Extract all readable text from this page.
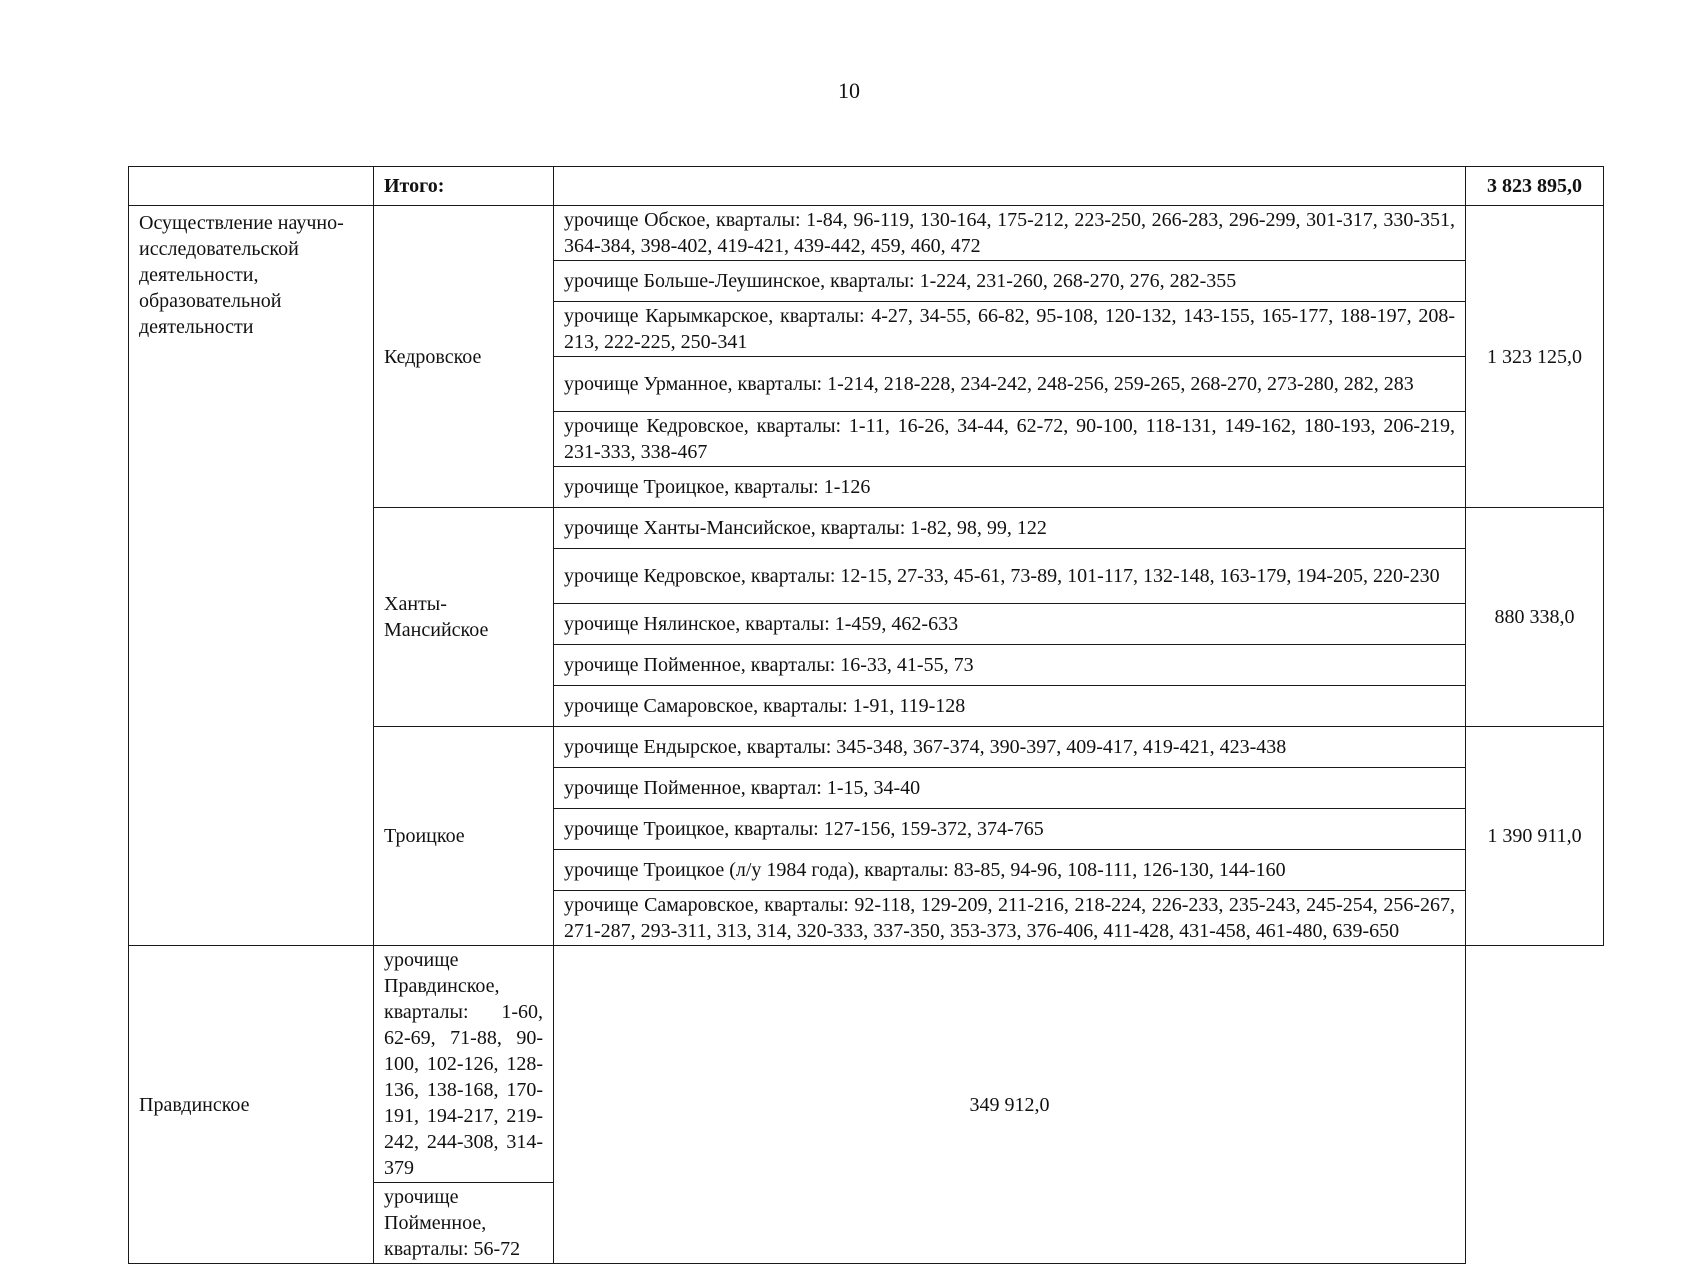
10
	Итого:		3 823 895,0
Осуществление научно-исследовательской деятельности, образовательной деятельности	Кедровское	урочище Обское, кварталы: 1-84, 96-119, 130-164, 175-212, 223-250, 266-283, 296-299, 301-317, 330-351, 364-384, 398-402, 419-421, 439-442, 459, 460, 472	1 323 125,0
		урочище Больше-Леушинское, кварталы: 1-224, 231-260, 268-270, 276, 282-355	
		урочище Карымкарское, кварталы: 4-27, 34-55, 66-82, 95-108, 120-132, 143-155, 165-177, 188-197, 208-213, 222-225, 250-341	
		урочище Урманное, кварталы: 1-214, 218-228, 234-242, 248-256, 259-265, 268-270, 273-280, 282, 283	
		урочище Кедровское, кварталы: 1-11, 16-26, 34-44, 62-72, 90-100, 118-131, 149-162, 180-193, 206-219, 231-333, 338-467	
		урочище Троицкое, кварталы: 1-126	
	Ханты-Мансийское	урочище Ханты-Мансийское, кварталы: 1-82, 98, 99, 122	880 338,0
		урочище Кедровское, кварталы: 12-15, 27-33, 45-61, 73-89, 101-117, 132-148, 163-179, 194-205, 220-230	
		урочище Нялинское, кварталы: 1-459, 462-633	
		урочище Пойменное, кварталы: 16-33, 41-55, 73	
		урочище Самаровское, кварталы: 1-91, 119-128	
	Троицкое	урочище Ендырское, кварталы: 345-348, 367-374, 390-397, 409-417, 419-421, 423-438	1 390 911,0
		урочище Пойменное, квартал: 1-15, 34-40	
		урочище Троицкое, кварталы: 127-156, 159-372, 374-765	
		урочище Троицкое (л/у 1984 года), кварталы: 83-85, 94-96, 108-111, 126-130, 144-160	
		урочище Самаровское, кварталы: 92-118, 129-209, 211-216, 218-224, 226-233, 235-243, 245-254, 256-267, 271-287, 293-311, 313, 314, 320-333, 337-350, 353-373, 376-406, 411-428, 431-458, 461-480, 639-650	
Правдинское	урочище Правдинское, кварталы: 1-60, 62-69, 71-88, 90-100, 102-126, 128-136, 138-168, 170-191, 194-217, 219-242, 244-308, 314-379	349 912,0	
	урочище Пойменное, кварталы: 56-72		
